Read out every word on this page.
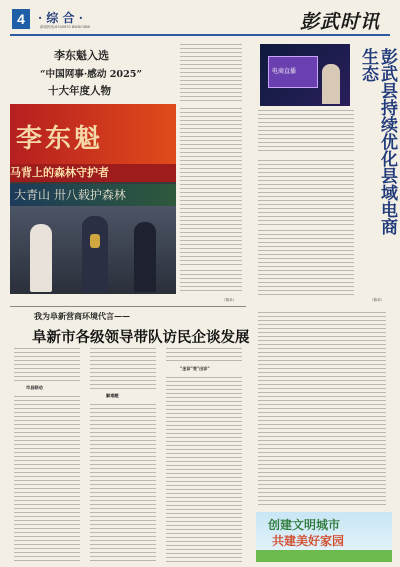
4	· 综 合 ·
新闻热线:6345670 BWDCXBB	彭武时讯
李东魁入选
“中国网事·感动 2025”
十大年度人物
（陈卓）
李东魁
马背上的森林守护者
大青山 卅八载护森林
电商直播	彭武县持续优化县域电商生态
（陈卓）
我为阜新营商环境代言——
阜新市各级领导带队访民企谈发展
市县联动
解难题
"坐诊"变"出诊"
创建文明城市
共建美好家园
